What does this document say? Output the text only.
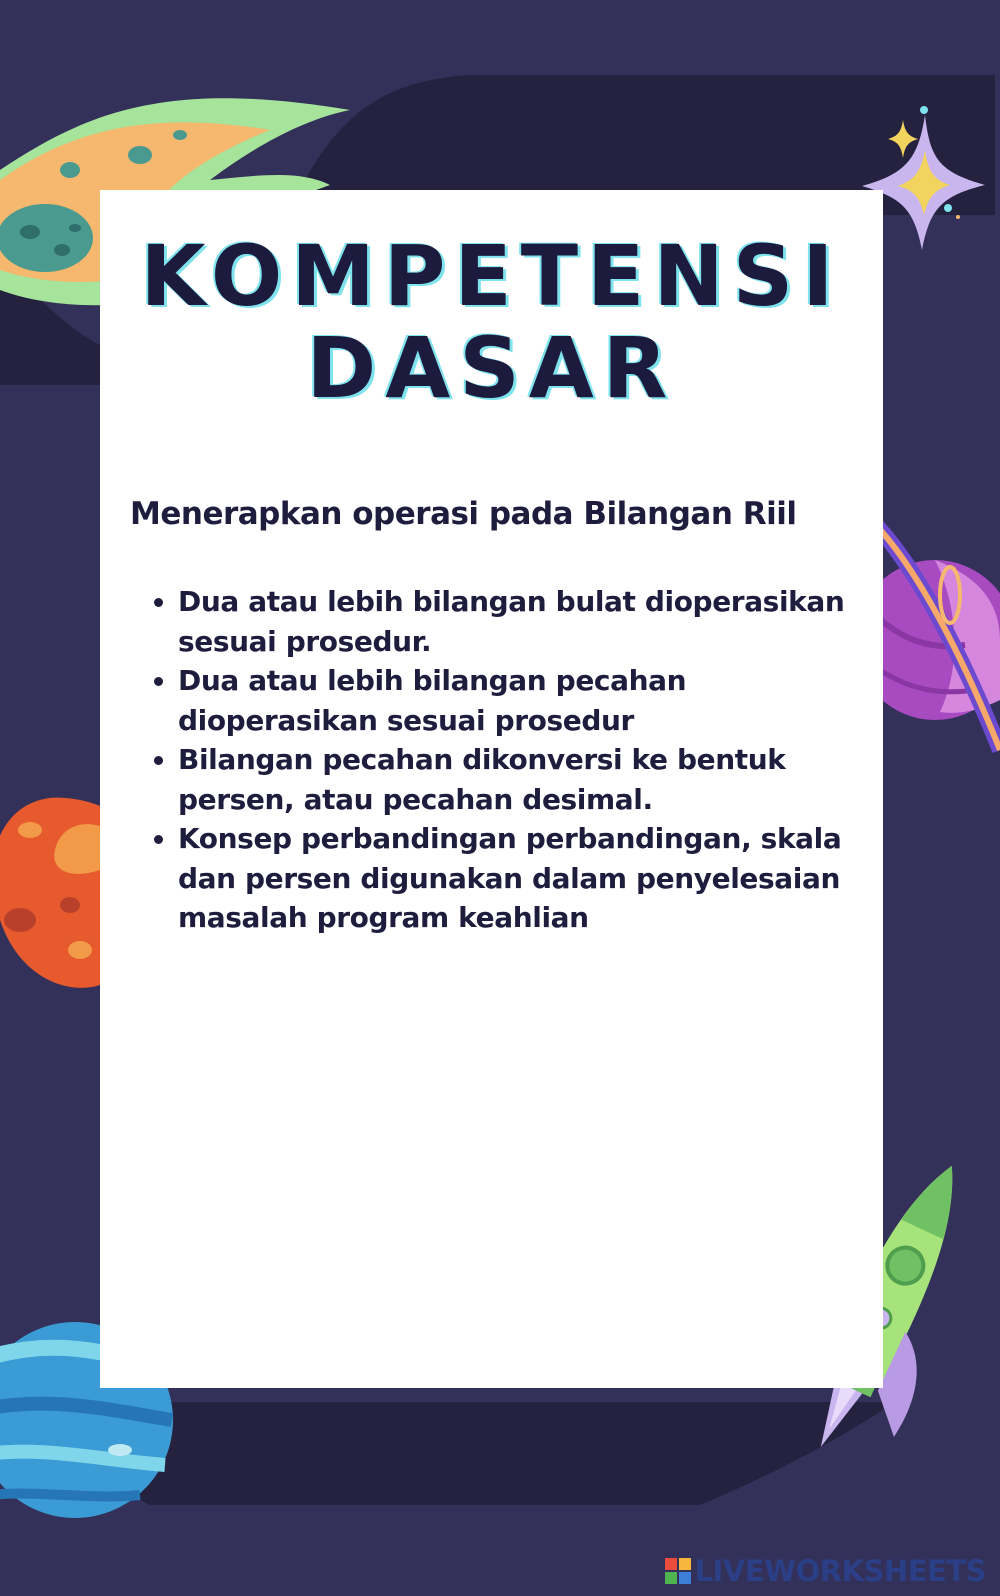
KOMPETENSI
DASAR
Menerapkan operasi pada Bilangan Riil
• Dua atau lebih bilangan bulat dioperasikan sesuai prosedur.
• Dua atau lebih bilangan pecahan dioperasikan sesuai prosedur
• Bilangan pecahan dikonversi ke bentuk persen, atau pecahan desimal.
• Konsep perbandingan perbandingan, skala dan persen digunakan dalam penyelesaian masalah program keahlian
LIVEWORKSHEETS
